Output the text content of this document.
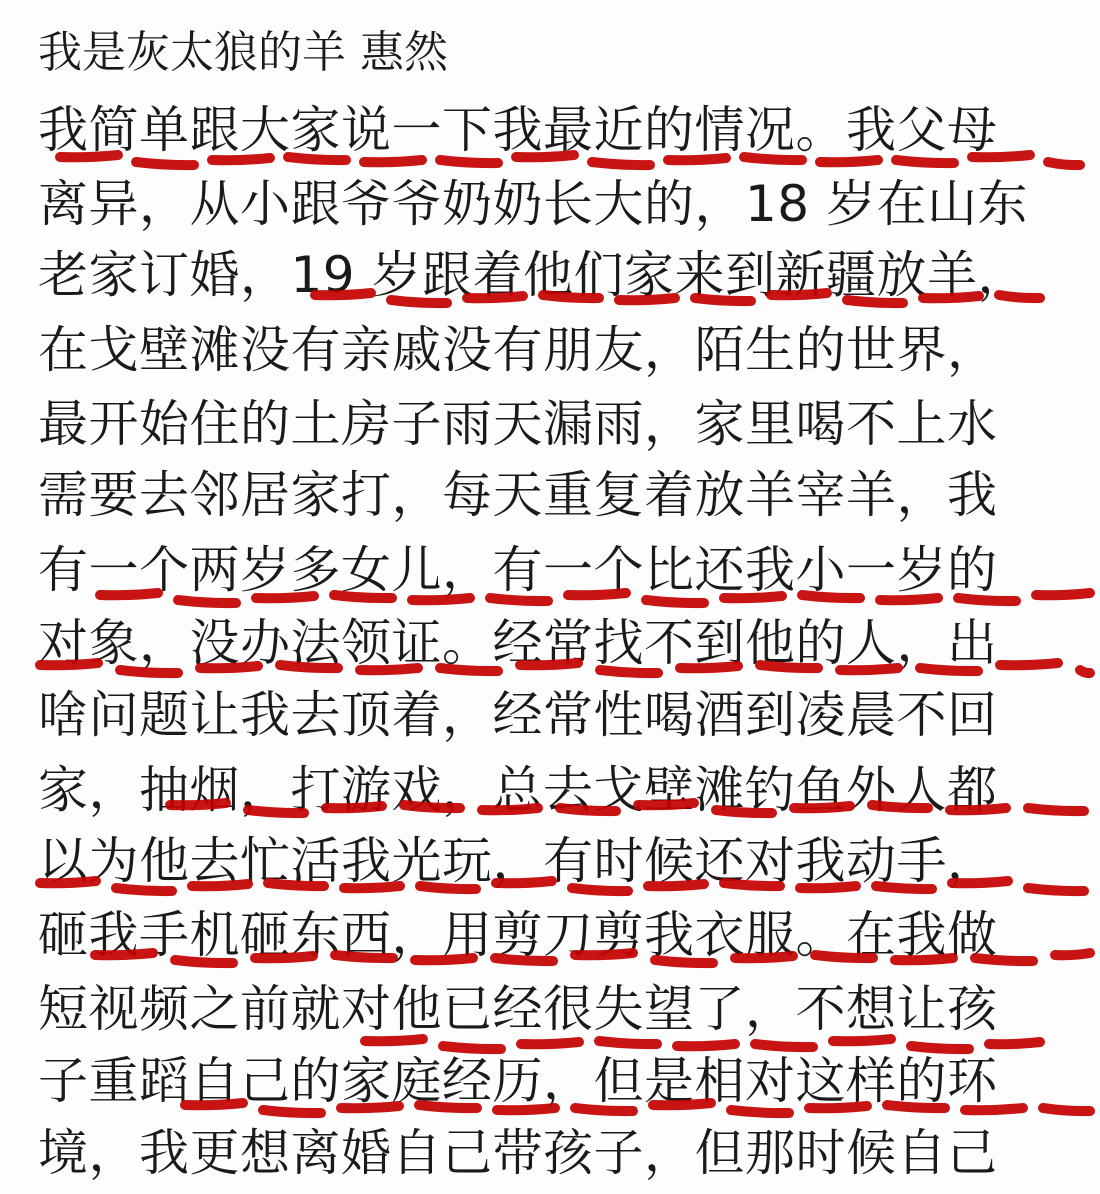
我是灰太狼的羊 惠然
我简单跟大家说一下我最近的情况。我父母
离异，从小跟爷爷奶奶长大的，18 岁在山东
老家订婚，19 岁跟着他们家来到新疆放羊，
在戈壁滩没有亲戚没有朋友，陌生的世界，
最开始住的土房子雨天漏雨，家里喝不上水
需要去邻居家打，每天重复着放羊宰羊，我
有一个两岁多女儿，有一个比还我小一岁的
对象，没办法领证。经常找不到他的人，出
啥问题让我去顶着，经常性喝酒到凌晨不回
家，抽烟，打游戏，总去戈壁滩钓鱼外人都
以为他去忙活我光玩，有时候还对我动手，
砸我手机砸东西，用剪刀剪我衣服。在我做
短视频之前就对他已经很失望了，不想让孩
子重蹈自己的家庭经历，但是相对这样的环
境，我更想离婚自己带孩子，但那时候自己
